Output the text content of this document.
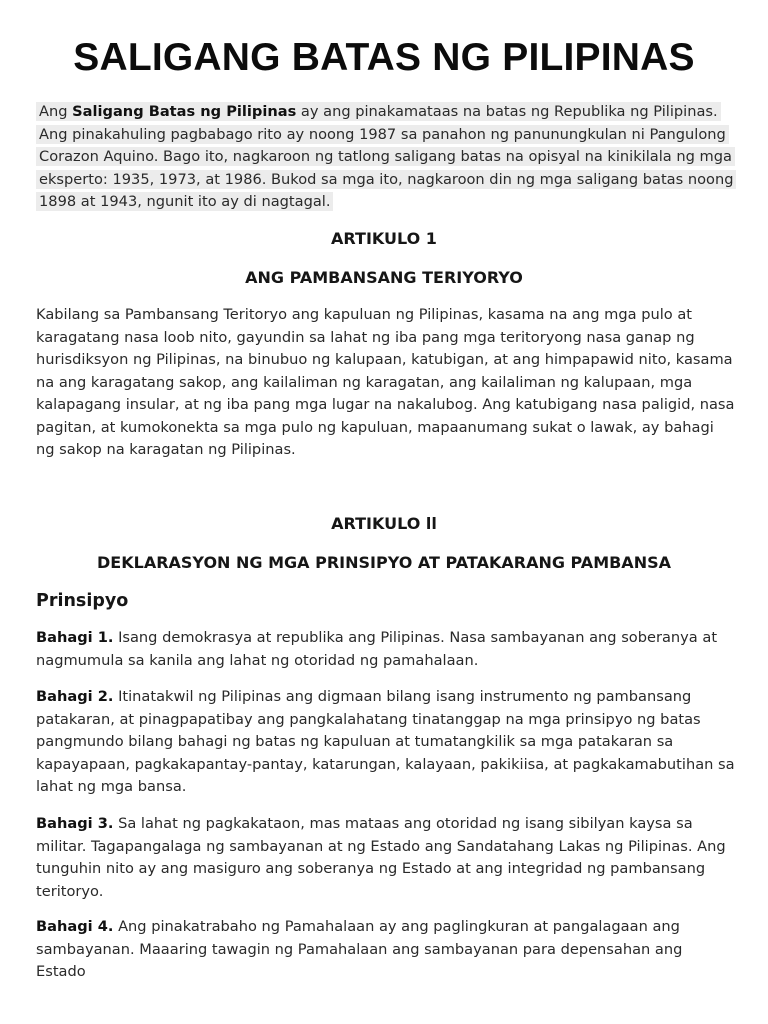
SALIGANG BATAS NG PILIPINAS

Ang Saligang Batas ng Pilipinas ay ang pinakamataas na batas ng Republika ng Pilipinas. Ang pinakahuling pagbabago rito ay noong 1987 sa panahon ng panunungkulan ni Pangulong Corazon Aquino. Bago ito, nagkaroon ng tatlong saligang batas na opisyal na kinikilala ng mga eksperto: 1935, 1973, at 1986. Bukod sa mga ito, nagkaroon din ng mga saligang batas noong 1898 at 1943, ngunit ito ay di nagtagal.

ARTIKULO 1
ANG PAMBANSANG TERIYORYO

Kabilang sa Pambansang Teritoryo ang kapuluan ng Pilipinas, kasama na ang mga pulo at karagatang nasa loob nito, gayundin sa lahat ng iba pang mga teritoryong nasa ganap ng hurisdiksyon ng Pilipinas, na binubuo ng kalupaan, katubigan, at ang himpapawid nito, kasama na ang karagatang sakop, ang kailaliman ng karagatan, ang kailaliman ng kalupaan, mga kalapagang insular, at ng iba pang mga lugar na nakalubog. Ang katubigang nasa paligid, nasa pagitan, at kumokonekta sa mga pulo ng kapuluan, mapaanumang sukat o lawak, ay bahagi ng sakop na karagatan ng Pilipinas.

ARTIKULO ll
DEKLARASYON NG MGA PRINSIPYO AT PATAKARANG PAMBANSA
Prinsipyo

Bahagi 1. Isang demokrasya at republika ang Pilipinas. Nasa sambayanan ang soberanya at nagmumula sa kanila ang lahat ng otoridad ng pamahalaan.

Bahagi 2. Itinatakwil ng Pilipinas ang digmaan bilang isang instrumento ng pambansang patakaran, at pinagpapatibay ang pangkalahatang tinatanggap na mga prinsipyo ng batas pangmundo bilang bahagi ng batas ng kapuluan at tumatangkilik sa mga patakaran sa kapayapaan, pagkakapantay-pantay, katarungan, kalayaan, pakikiisa, at pagkakamabutihan sa lahat ng mga bansa.

Bahagi 3. Sa lahat ng pagkakataon, mas mataas ang otoridad ng isang sibilyan kaysa sa militar. Tagapangalaga ng sambayanan at ng Estado ang Sandatahang Lakas ng Pilipinas. Ang tunguhin nito ay ang masiguro ang soberanya ng Estado at ang integridad ng pambansang teritoryo.

Bahagi 4. Ang pinakatrabaho ng Pamahalaan ay ang paglingkuran at pangalagaan ang sambayanan. Maaaring tawagin ng Pamahalaan ang sambayanan para depensahan ang Estado
